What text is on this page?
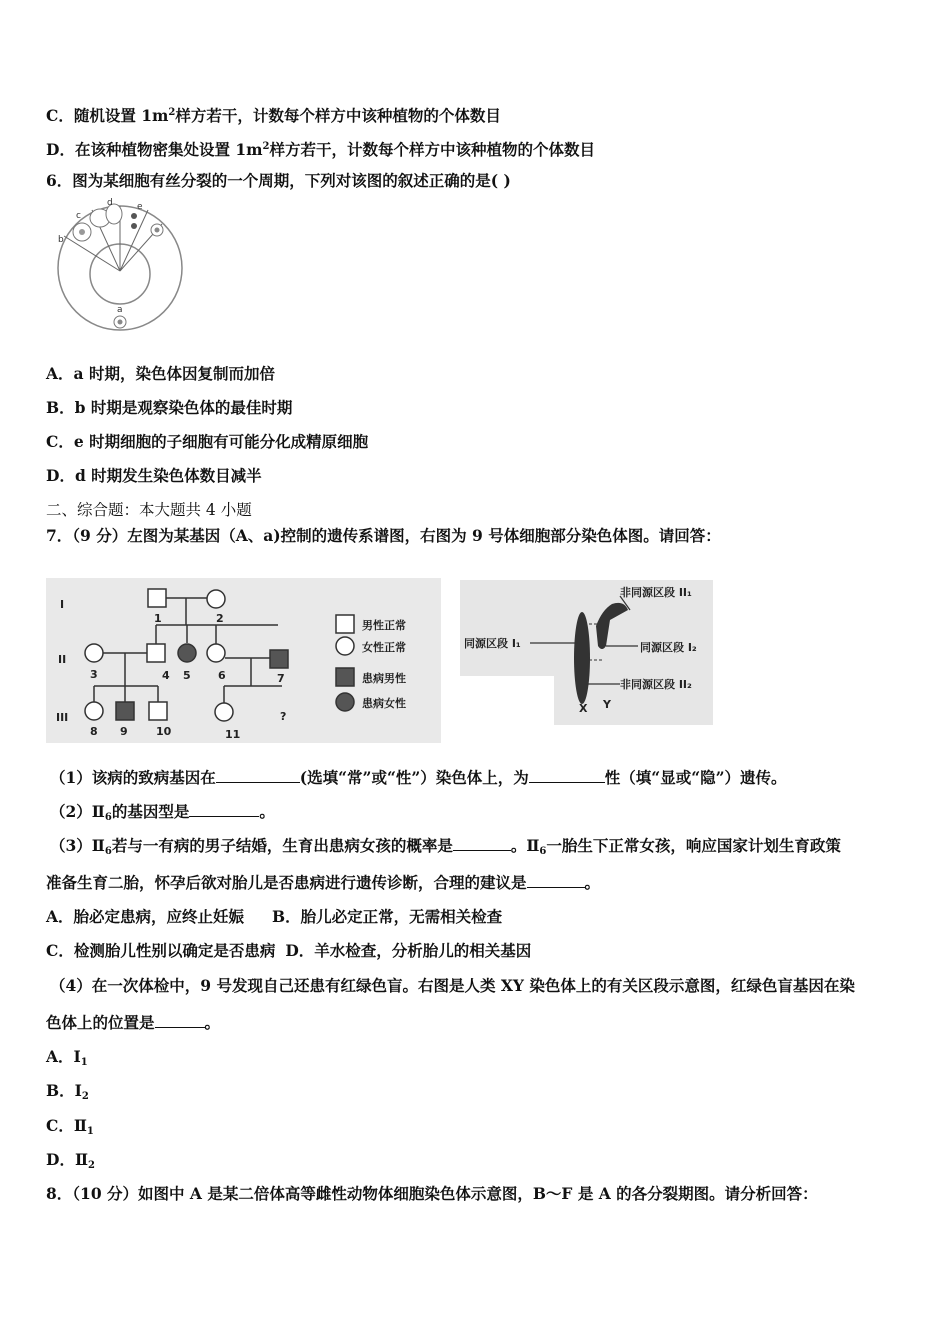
C．随机设置 $1m^2$样方若干，计数每个样方中该种植物的个体数目
D．在该种植物密集处设置 $1m^2$样方若干，计数每个样方中该种植物的个体数目
6．图为某细胞有丝分裂的一个周期，下列对该图的叙述正确的是( )
b
c
d	e
a
A．a 时期，染色体因复制而加倍
B．b 时期是观察染色体的最佳时期
C．e 时期细胞的子细胞有可能分化成精原细胞
D．d 时期发生染色体数目减半
二、综合题：本大题共 4 小题
7．（9 分）左图为某基因（A、a)控制的遗传系谱图，右图为 9 号体细胞部分染色体图。请回答：
I
II
III
1	2
3	4 5 6	7
8 9	10	11
?
男性正常
女性正常
患病男性
患病女性
非同源区段 II₁
同源区段 I₁	同源区段 I₂
非同源区段 II₂
X Y
（1）该病的致病基因在	(选填“常”或“性”）染色体上，为	性（填“显或“隐”）遗传。
$(2)Ⅱ_6$的基因型是	。
$(3)Ⅱ_6$若与一有病的男子结婚，生育出患病女孩的概率是	。$Ⅱ_6$一胎生下正常女孩，响应国家计划生育政策
准备生育二胎，怀孕后欲对胎儿是否患病进行遗传诊断，合理的建议是	。
A．胎必定患病，应终止妊娠 B．胎儿必定正常，无需相关检查
C．检测胎儿性别以确定是否患病 D．羊水检查，分析胎儿的相关基因
（4）在一次体检中，9 号发现自己还患有红绿色盲。右图是人类 XY 染色体上的有关区段示意图，红绿色盲基因在染
色体上的位置是	。
A．$I_1$
B．$I_2$
C．$Ⅱ_1$
D．$Ⅱ_2$
8．（10 分）如图中 A 是某二倍体高等雌性动物体细胞染色体示意图，B～F 是 A 的各分裂期图。请分析回答：
